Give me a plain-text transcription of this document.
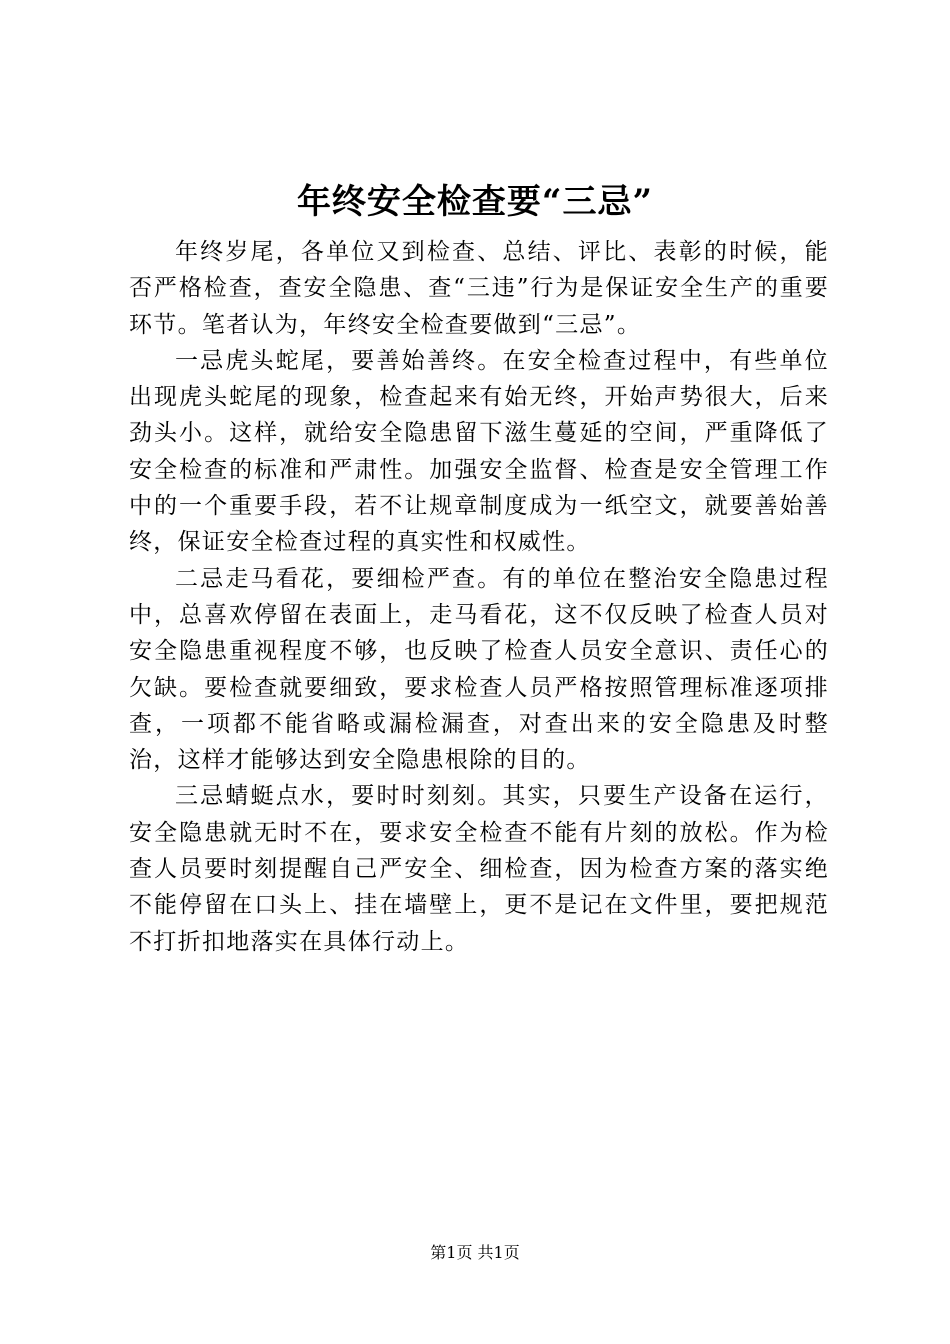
年终安全检查要“三忌”

年终岁尾，各单位又到检查、总结、评比、表彰的时候，能否严格检查，查安全隐患、查“三违”行为是保证安全生产的重要环节。笔者认为，年终安全检查要做到“三忌”。

一忌虎头蛇尾，要善始善终。在安全检查过程中，有些单位出现虎头蛇尾的现象，检查起来有始无终，开始声势很大，后来劲头小。这样，就给安全隐患留下滋生蔓延的空间，严重降低了安全检查的标准和严肃性。加强安全监督、检查是安全管理工作中的一个重要手段，若不让规章制度成为一纸空文，就要善始善终，保证安全检查过程的真实性和权威性。

二忌走马看花，要细检严查。有的单位在整治安全隐患过程中，总喜欢停留在表面上，走马看花，这不仅反映了检查人员对安全隐患重视程度不够，也反映了检查人员安全意识、责任心的欠缺。要检查就要细致，要求检查人员严格按照管理标准逐项排查，一项都不能省略或漏检漏查，对查出来的安全隐患及时整治，这样才能够达到安全隐患根除的目的。

三忌蜻蜓点水，要时时刻刻。其实，只要生产设备在运行，安全隐患就无时不在，要求安全检查不能有片刻的放松。作为检查人员要时刻提醒自己严安全、细检查，因为检查方案的落实绝不能停留在口头上、挂在墙壁上，更不是记在文件里，要把规范不打折扣地落实在具体行动上。

第1页 共1页
